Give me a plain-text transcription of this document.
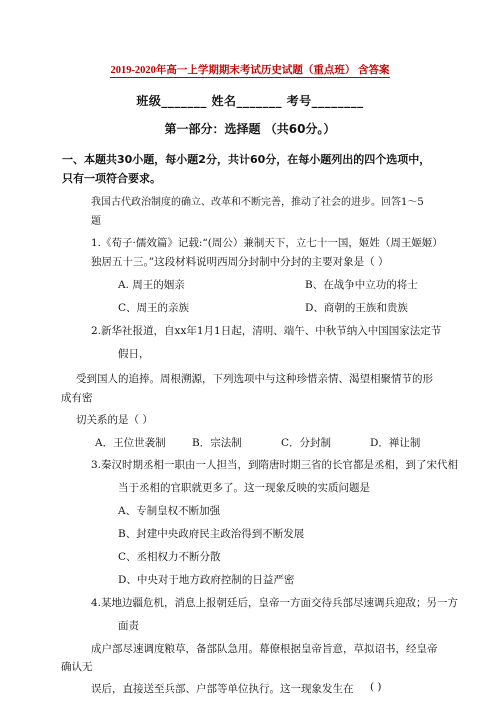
2019-2020年高一上学期期末考试历史试题（重点班） 含答案
班级_______ 姓名_______ 考号________
第一部分：选择题 （共60分。）
一、本题共30小题，每小题2分，共计60分，在每小题列出的四个选项中，
只有一项符合要求。
我国古代政治制度的确立、改革和不断完善，推动了社会的进步。回答1～5
题
1.《荀子·儒效篇》记载:“(周公）兼制天下，立七十一国，姬姓（周王姬姬）
独居五十三。”这段材料说明西周分封制中分封的主要对象是（ ）
A. 周王的姻亲	B、在战争中立功的将士
C、周王的亲族	D、商朝的王族和贵族
2.新华社报道，自xx年1月1日起，清明、端午、中秋节纳入中国国家法定节
假日，
受到国人的追捧。周根溯源，下列选项中与这种珍惜亲情、渴望相聚情节的形
成有密
切关系的是（ ）
A．王位世袭制	B．宗法制	C．分封制	D．禅让制
3.秦汉时期丞相一职由一人担当，到隋唐时期三省的长官都是丞相，到了宋代相
当于丞相的官职就更多了。这一现象反映的实质问题是
A、专制皇权不断加强
B、封建中央政府民主政治得到不断发展
C、丞相权力不断分散
D、中央对于地方政府控制的日益严密
4.某地边疆危机，消息上报朝廷后，皇帝一方面交待兵部尽速调兵迎敌；另一方
面责
成户部尽速调度粮草，备部队急用。幕僚根据皇帝旨意，草拟诏书，经皇帝
确认无
误后，直接送至兵部、户部等单位执行。这一现象发生在 ( )
